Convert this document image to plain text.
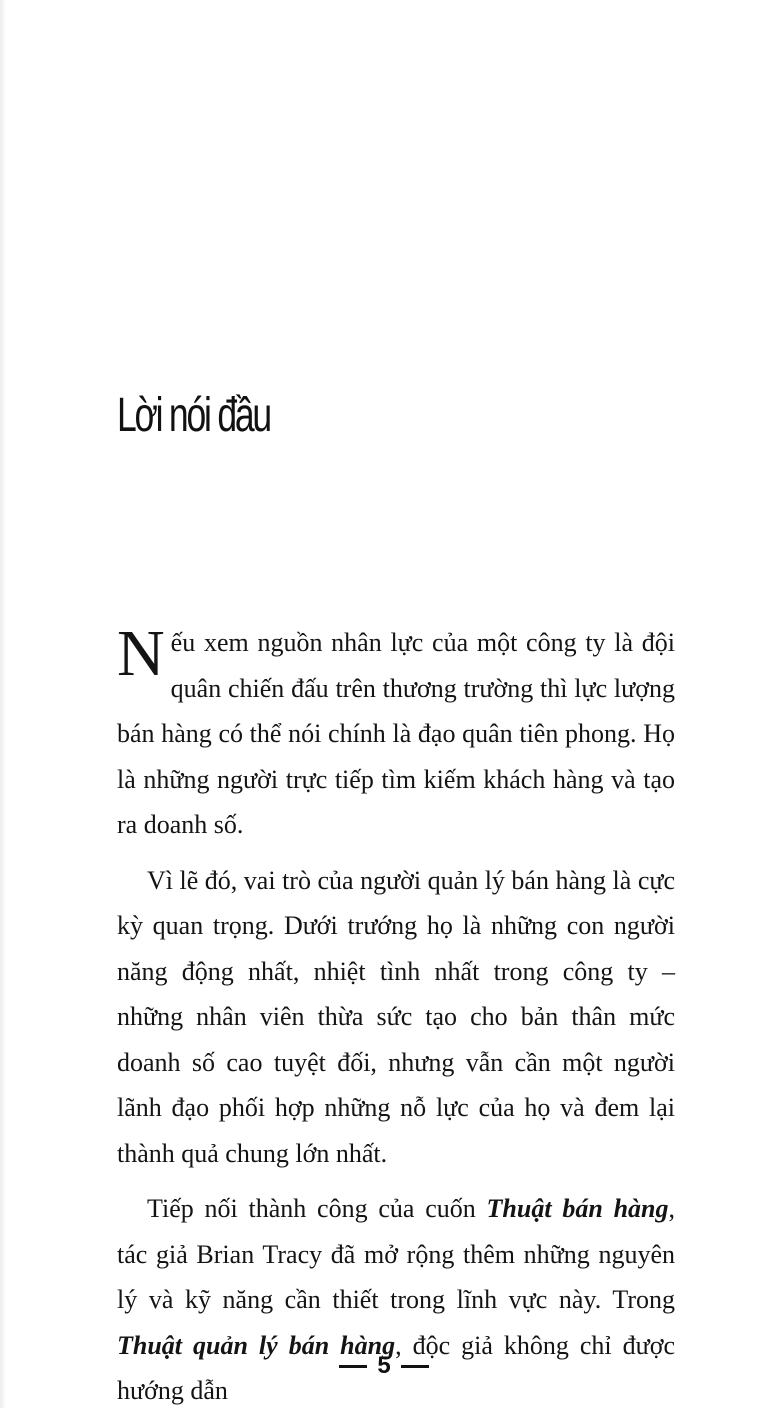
Lời nói đầu

Nếu xem nguồn nhân lực của một công ty là đội quân chiến đấu trên thương trường thì lực lượng bán hàng có thể nói chính là đạo quân tiên phong. Họ là những người trực tiếp tìm kiếm khách hàng và tạo ra doanh số.

Vì lẽ đó, vai trò của người quản lý bán hàng là cực kỳ quan trọng. Dưới trướng họ là những con người năng động nhất, nhiệt tình nhất trong công ty – những nhân viên thừa sức tạo cho bản thân mức doanh số cao tuyệt đối, nhưng vẫn cần một người lãnh đạo phối hợp những nỗ lực của họ và đem lại thành quả chung lớn nhất.

Tiếp nối thành công của cuốn Thuật bán hàng, tác giả Brian Tracy đã mở rộng thêm những nguyên lý và kỹ năng cần thiết trong lĩnh vực này. Trong Thuật quản lý bán hàng, độc giả không chỉ được hướng dẫn

5
